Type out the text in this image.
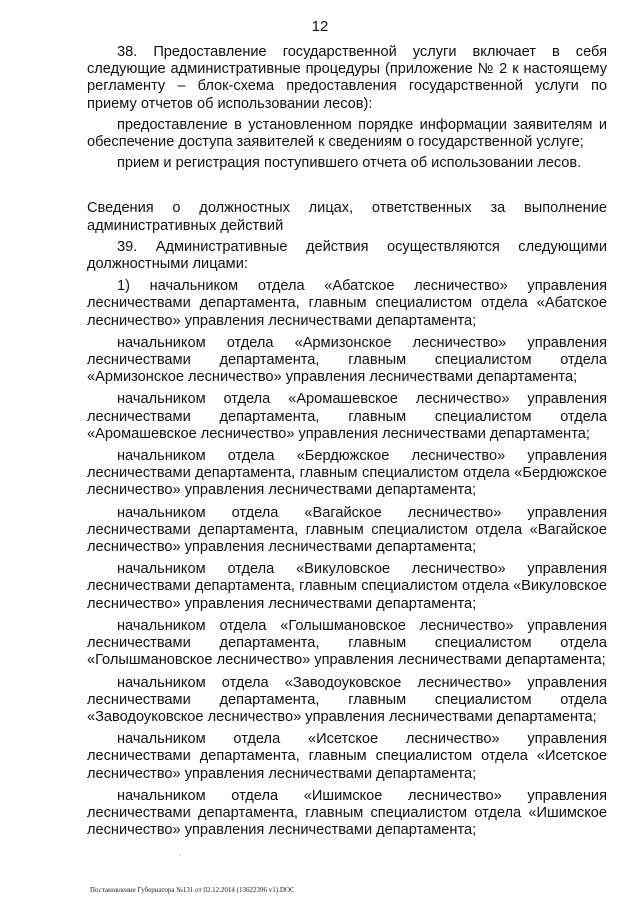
12

38. Предоставление государственной услуги включает в себя следующие административные процедуры (приложение № 2 к настоящему регламенту – блок-схема предоставления государственной услуги по приему отчетов об использовании лесов):

предоставление в установленном порядке информации заявителям и обеспечение доступа заявителей к сведениям о государственной услуге;

прием и регистрация поступившего отчета об использовании лесов.

Сведения о должностных лицах, ответственных за выполнение административных действий

39. Административные действия осуществляются следующими должностными лицами:

1) начальником отдела «Абатское лесничество» управления лесничествами департамента, главным специалистом отдела «Абатское лесничество» управления лесничествами департамента;

начальником отдела «Армизонское лесничество» управления лесничествами департамента, главным специалистом отдела «Армизонское лесничество» управления лесничествами департамента;

начальником отдела «Аромашевское лесничество» управления лесничествами департамента, главным специалистом отдела «Аромашевское лесничество» управления лесничествами департамента;

начальником отдела «Бердюжское лесничество» управления лесничествами департамента, главным специалистом отдела «Бердюжское лесничество» управления лесничествами департамента;

начальником отдела «Вагайское лесничество» управления лесничествами департамента, главным специалистом отдела «Вагайское лесничество» управления лесничествами департамента;

начальником отдела «Викуловское лесничество» управления лесничествами департамента, главным специалистом отдела «Викуловское лесничество» управления лесничествами департамента;

начальником отдела «Голышмановское лесничество» управления лесничествами департамента, главным специалистом отдела «Голышмановское лесничество» управления лесничествами департамента;

начальником отдела «Заводоуковское лесничество» управления лесничествами департамента, главным специалистом отдела «Заводоуковское лесничество» управления лесничествами департамента;

начальником отдела «Исетское лесничество» управления лесничествами департамента, главным специалистом отдела «Исетское лесничество» управления лесничествами департамента;

начальником отдела «Ишимское лесничество» управления лесничествами департамента, главным специалистом отдела «Ишимское лесничество» управления лесничествами департамента;

Постановление Губернатора №131 от 02.12.2014 (13622396 v1).DOC
